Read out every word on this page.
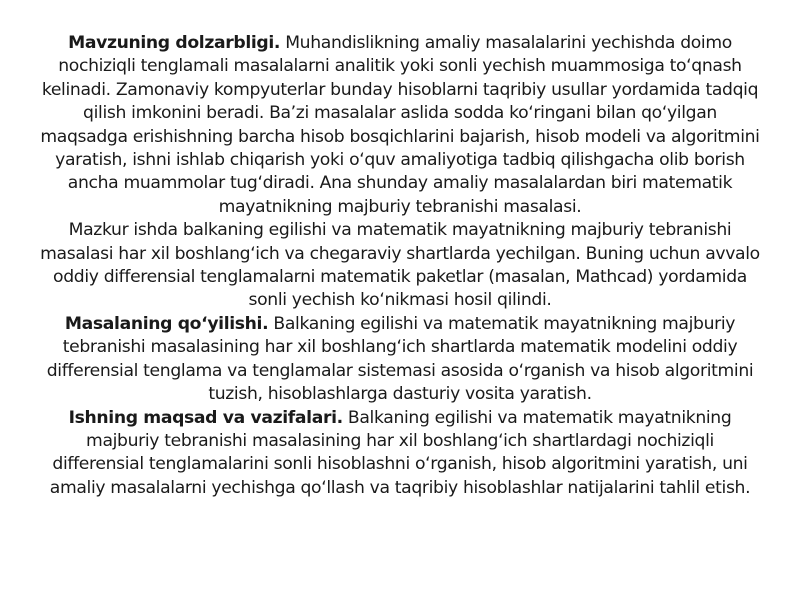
Mavzuning dolzarbligi. Muhandislikning amaliy masalalarini yechishda doimo nochiziqli tenglamali masalalarni analitik yoki sonli yechish muammosiga to‘qnash kelinadi. Zamonaviy kompyuterlar bunday hisoblarni taqribiy usullar yordamida tadqiq qilish imkonini beradi. Ba’zi masalalar aslida sodda ko‘ringani bilan qo‘yilgan maqsadga erishishning barcha hisob bosqichlarini bajarish, hisob modeli va algoritmini yaratish, ishni ishlab chiqarish yoki o‘quv amaliyotiga tadbiq qilishgacha olib borish ancha muammolar tug‘diradi. Ana shunday amaliy masalalardan biri matematik mayatnikning majburiy tebranishi masalasi.

Mazkur ishda balkaning egilishi va matematik mayatnikning majburiy tebranishi masalasi har xil boshlang‘ich va chegaraviy shartlarda yechilgan. Buning uchun avvalo oddiy differensial tenglamalarni matematik paketlar (masalan, Mathcad) yordamida sonli yechish ko‘nikmasi hosil qilindi.

Masalaning qo‘yilishi. Balkaning egilishi va matematik mayatnikning majburiy tebranishi masalasining har xil boshlang‘ich shartlarda matematik modelini oddiy differensial tenglama va tenglamalar sistemasi asosida o‘rganish va hisob algoritmini tuzish, hisoblashlarga dasturiy vosita yaratish.

Ishning maqsad va vazifalari. Balkaning egilishi va matematik mayatnikning majburiy tebranishi masalasining har xil boshlang‘ich shartlardagi nochiziqli differensial tenglamalarini sonli hisoblashni o‘rganish, hisob algoritmini yaratish, uni amaliy masalalarni yechishga qo‘llash va taqribiy hisoblashlar natijalarini tahlil etish.
